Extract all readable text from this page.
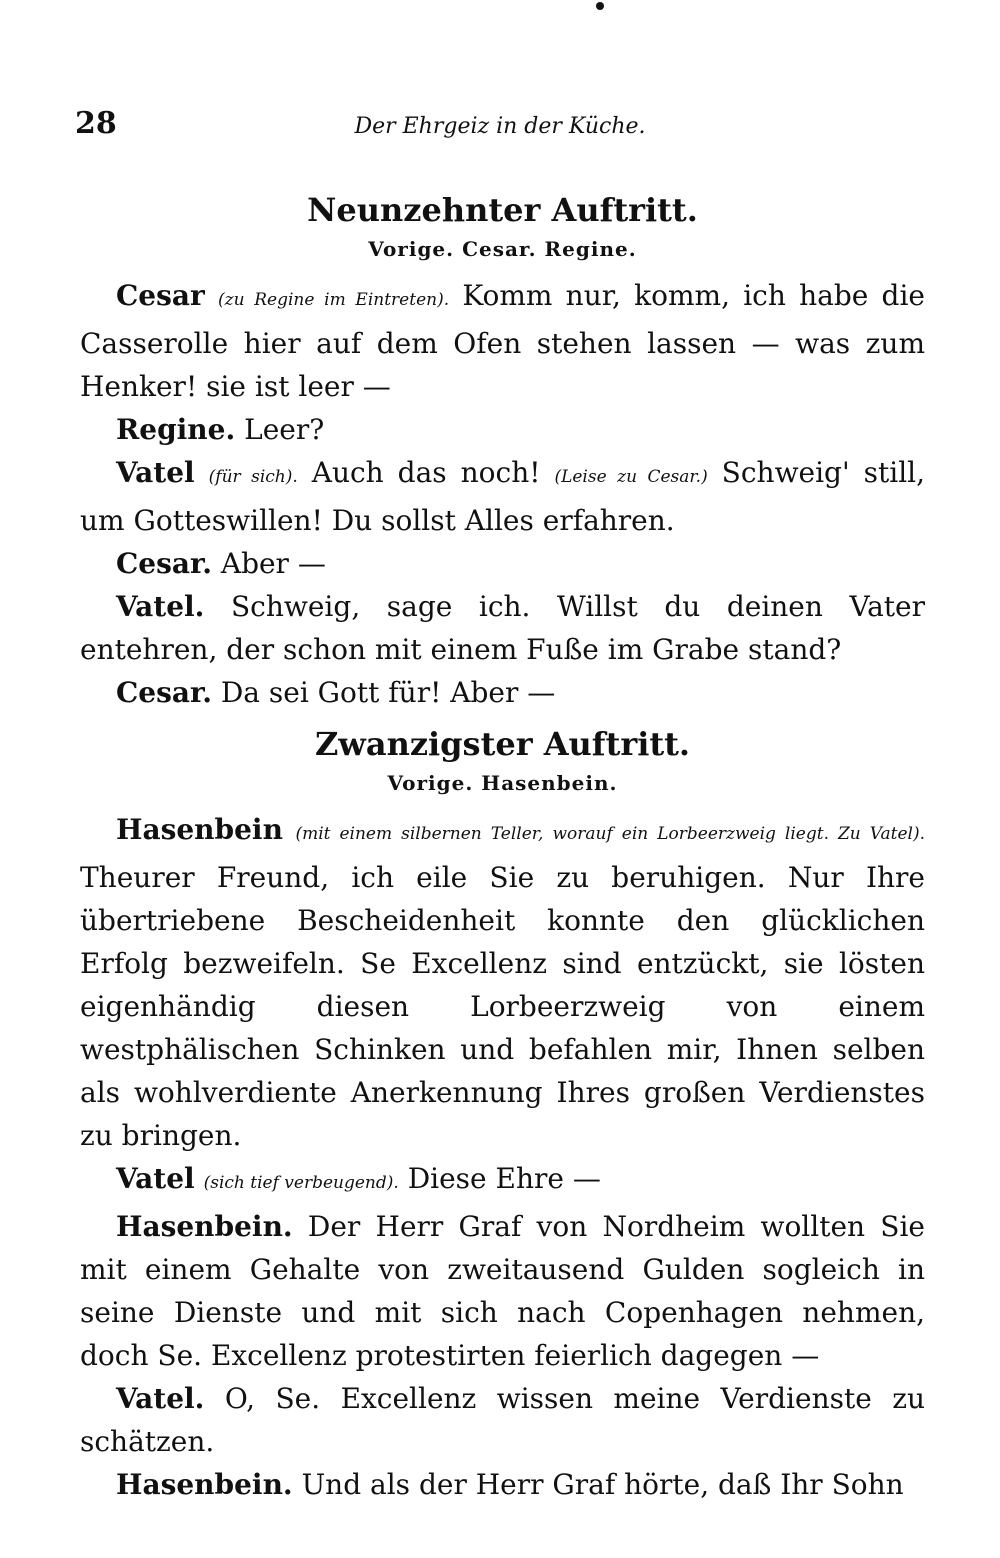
28	Der Ehrgeiz in der Küche.
Neunzehnter Auftritt.
Vorige. Cesar. Regine.

Cesar (zu Regine im Eintreten). Komm nur, komm, ich habe die Casserolle hier auf dem Ofen stehen lassen — was zum Henker! sie ist leer —

Regine. Leer?

Vatel (für sich). Auch das noch! (Leise zu Cesar.) Schweig' still, um Gotteswillen! Du sollst Alles erfahren.

Cesar. Aber —

Vatel. Schweig, sage ich. Willst du deinen Vater entehren, der schon mit einem Fuße im Grabe stand?

Cesar. Da sei Gott für! Aber —

Zwanzigster Auftritt.
Vorige. Hasenbein.

Hasenbein (mit einem silbernen Teller, worauf ein Lorbeerzweig liegt. Zu Vatel). Theurer Freund, ich eile Sie zu beruhigen. Nur Ihre übertriebene Bescheidenheit konnte den glücklichen Erfolg bezweifeln. Se Excellenz sind entzückt, sie lösten eigenhändig diesen Lorbeerzweig von einem westphälischen Schinken und befahlen mir, Ihnen selben als wohlverdiente Anerkennung Ihres großen Verdienstes zu bringen.

Vatel (sich tief verbeugend). Diese Ehre —

Hasenbein. Der Herr Graf von Nordheim wollten Sie mit einem Gehalte von zweitausend Gulden sogleich in seine Dienste und mit sich nach Copenhagen nehmen, doch Se. Excellenz protestirten feierlich dagegen —

Vatel. O, Se. Excellenz wissen meine Verdienste zu schätzen.

Hasenbein. Und als der Herr Graf hörte, daß Ihr Sohn
